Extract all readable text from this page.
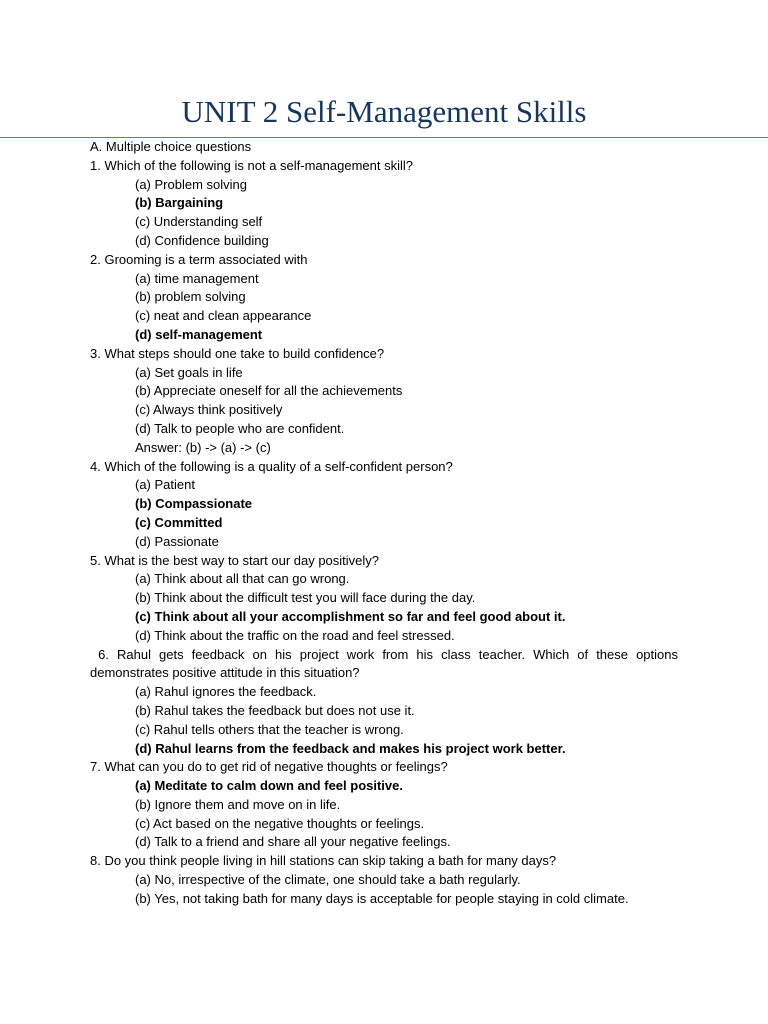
UNIT 2 Self-Management Skills
A. Multiple choice questions
1. Which of the following is not a self-management skill?
(a) Problem solving
(b) Bargaining
(c) Understanding self
(d) Confidence building
2. Grooming is a term associated with
(a) time management
(b) problem solving
(c) neat and clean appearance
(d) self-management
3. What steps should one take to build confidence?
(a) Set goals in life
(b) Appreciate oneself for all the achievements
(c) Always think positively
(d) Talk to people who are confident.
Answer: (b) -> (a) -> (c)
4. Which of the following is a quality of a self-confident person?
(a) Patient
(b) Compassionate
(c) Committed
(d) Passionate
5. What is the best way to start our day positively?
(a) Think about all that can go wrong.
(b) Think about the difficult test you will face during the day.
(c) Think about all your accomplishment so far and feel good about it.
(d) Think about the traffic on the road and feel stressed.

6. Rahul gets feedback on his project work from his class teacher. Which of these options demonstrates positive attitude in this situation?

(a) Rahul ignores the feedback.
(b) Rahul takes the feedback but does not use it.
(c) Rahul tells others that the teacher is wrong.
(d) Rahul learns from the feedback and makes his project work better.
7. What can you do to get rid of negative thoughts or feelings?
(a) Meditate to calm down and feel positive.
(b) Ignore them and move on in life.
(c) Act based on the negative thoughts or feelings.
(d) Talk to a friend and share all your negative feelings.
8. Do you think people living in hill stations can skip taking a bath for many days?
(a) No, irrespective of the climate, one should take a bath regularly.
(b) Yes, not taking bath for many days is acceptable for people staying in cold climate.
